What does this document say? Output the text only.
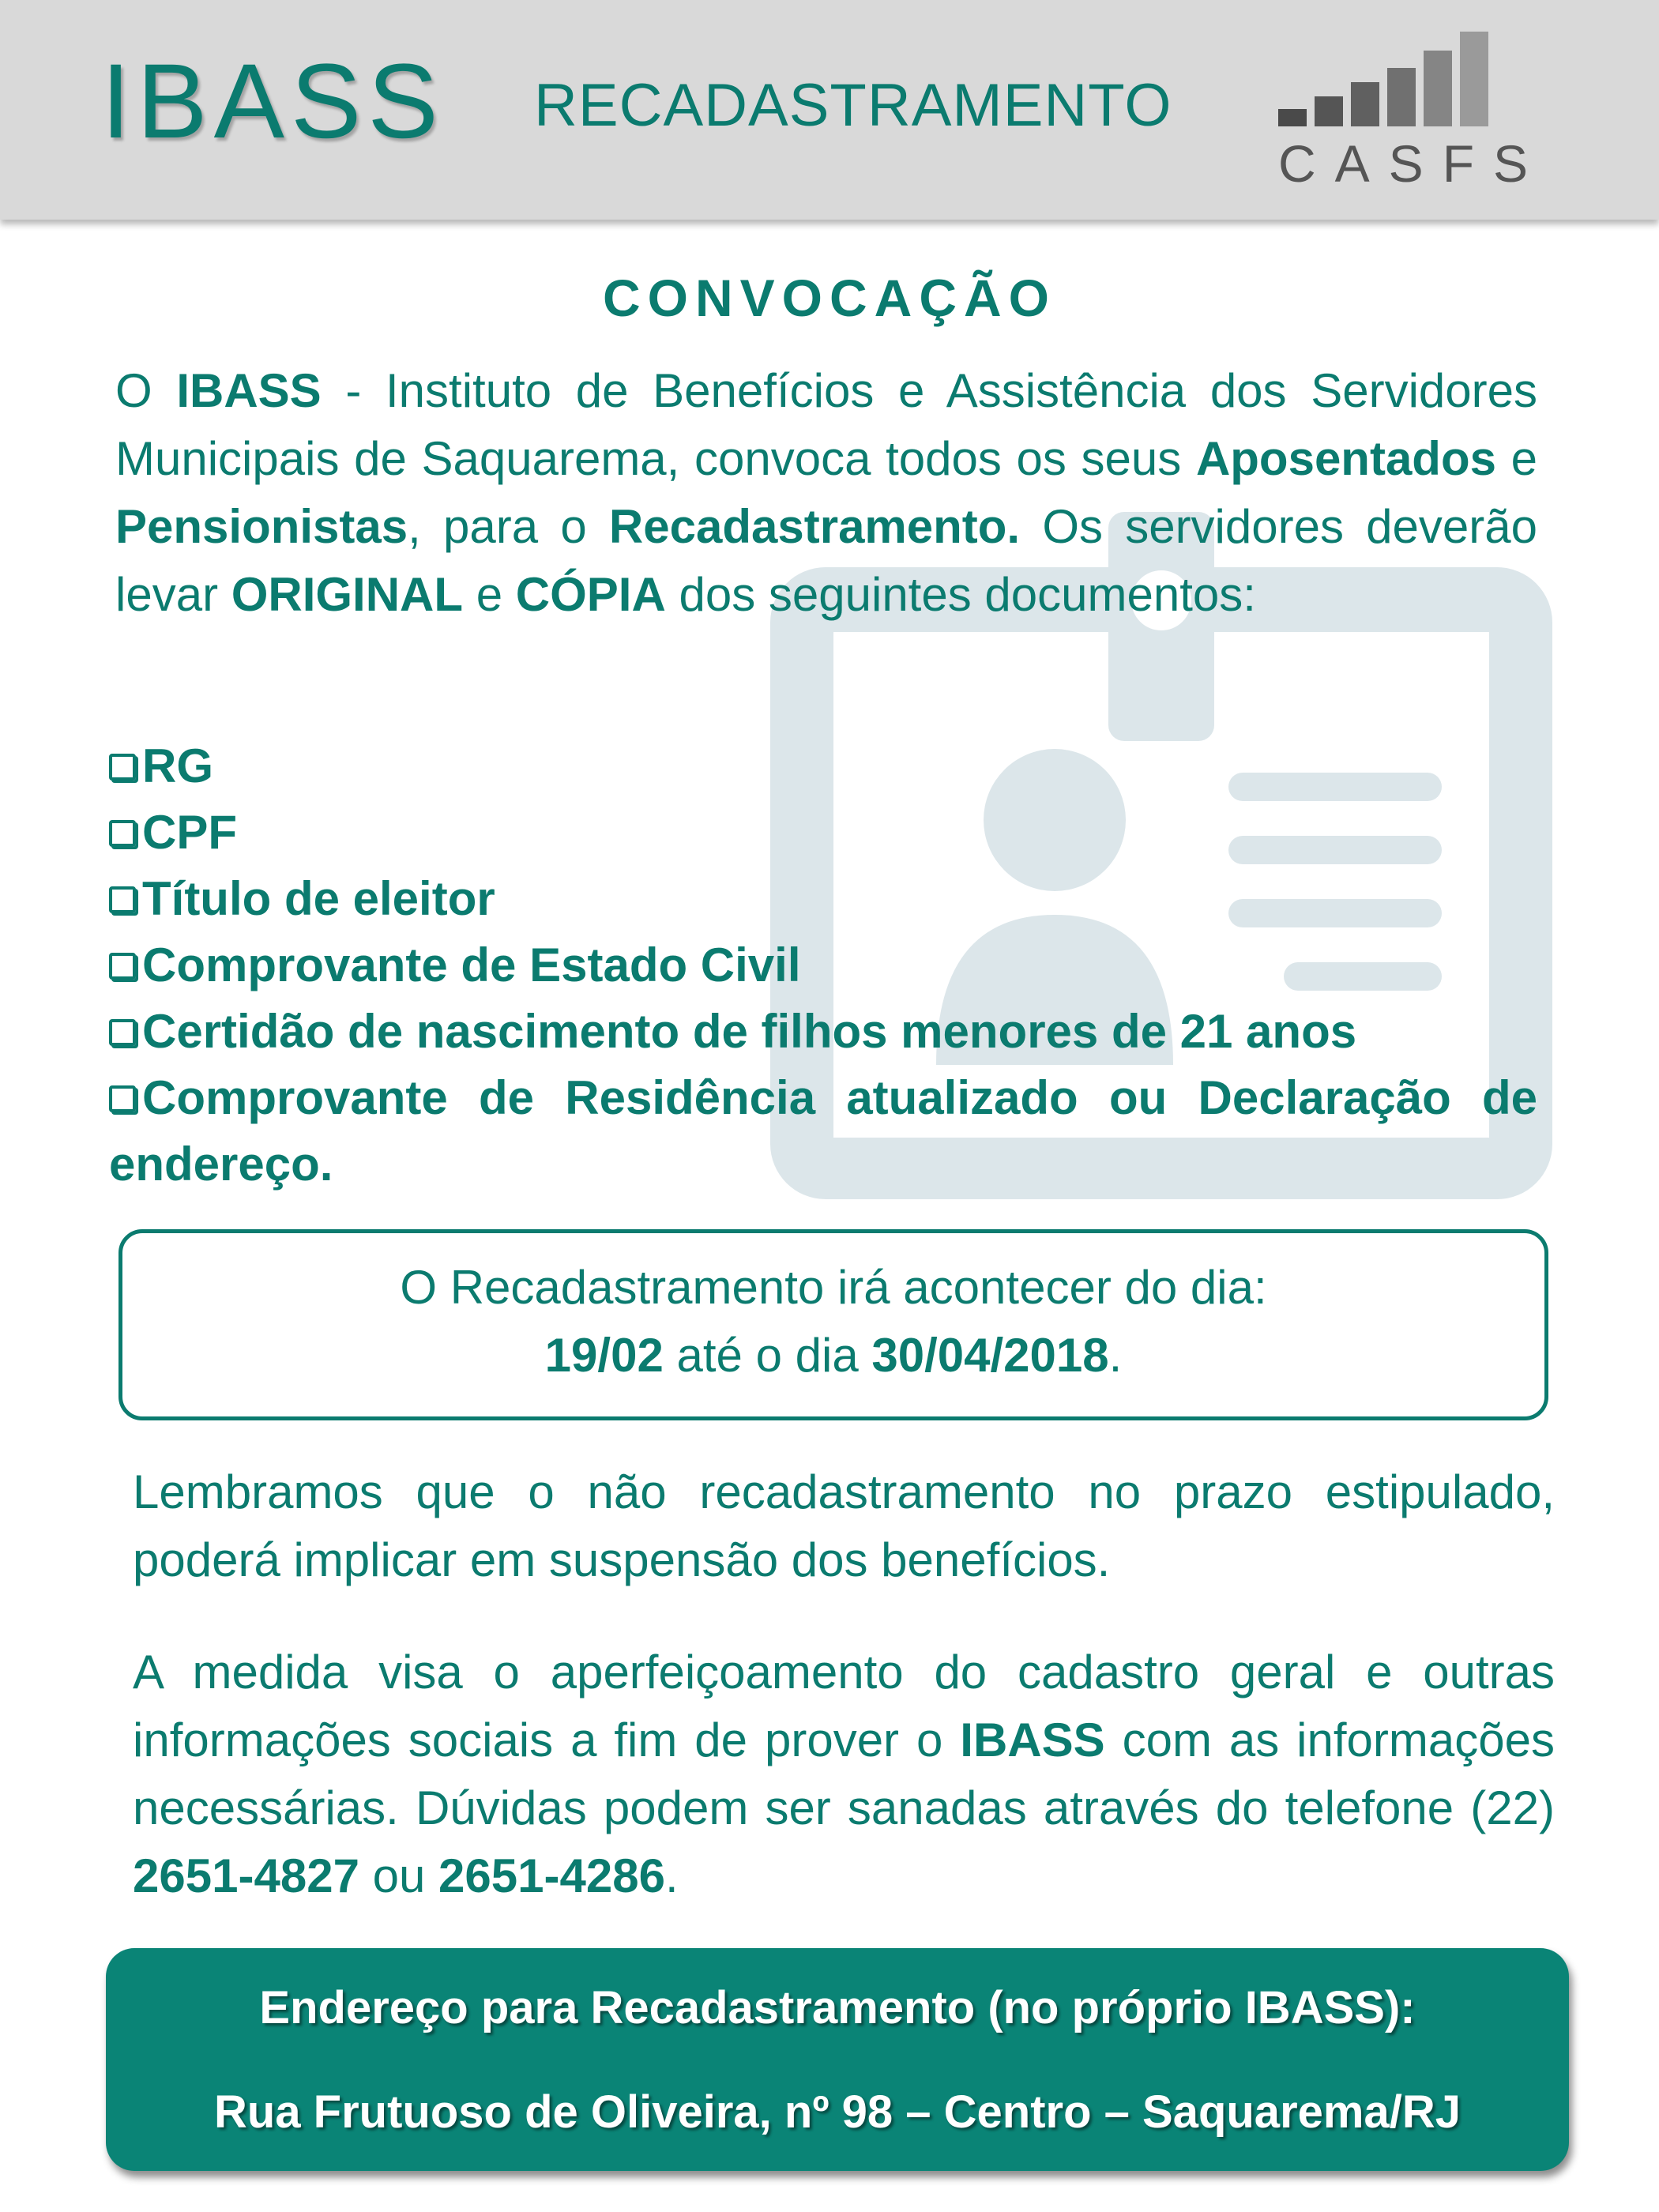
IBASS RECADASTRAMENTO
CASFS
CONVOCAÇÃO
O IBASS - Instituto de Benefícios e Assistência dos Servidores Municipais de Saquarema, convoca todos os seus Aposentados e Pensionistas, para o Recadastramento. Os servidores deverão levar ORIGINAL e CÓPIA dos seguintes documentos:
RG
CPF
Título de eleitor
Comprovante de Estado Civil
Certidão de nascimento de filhos menores de 21 anos
Comprovante de Residência atualizado ou Declaração de endereço.
O Recadastramento irá acontecer do dia:
19/02 até o dia 30/04/2018.
Lembramos que o não recadastramento no prazo estipulado, poderá implicar em suspensão dos benefícios.
A medida visa o aperfeiçoamento do cadastro geral e outras informações sociais a fim de prover o IBASS com as informações necessárias. Dúvidas podem ser sanadas através do telefone (22) 2651-4827 ou 2651-4286.
Endereço para Recadastramento (no próprio IBASS):
Rua Frutuoso de Oliveira, nº 98 – Centro – Saquarema/RJ
